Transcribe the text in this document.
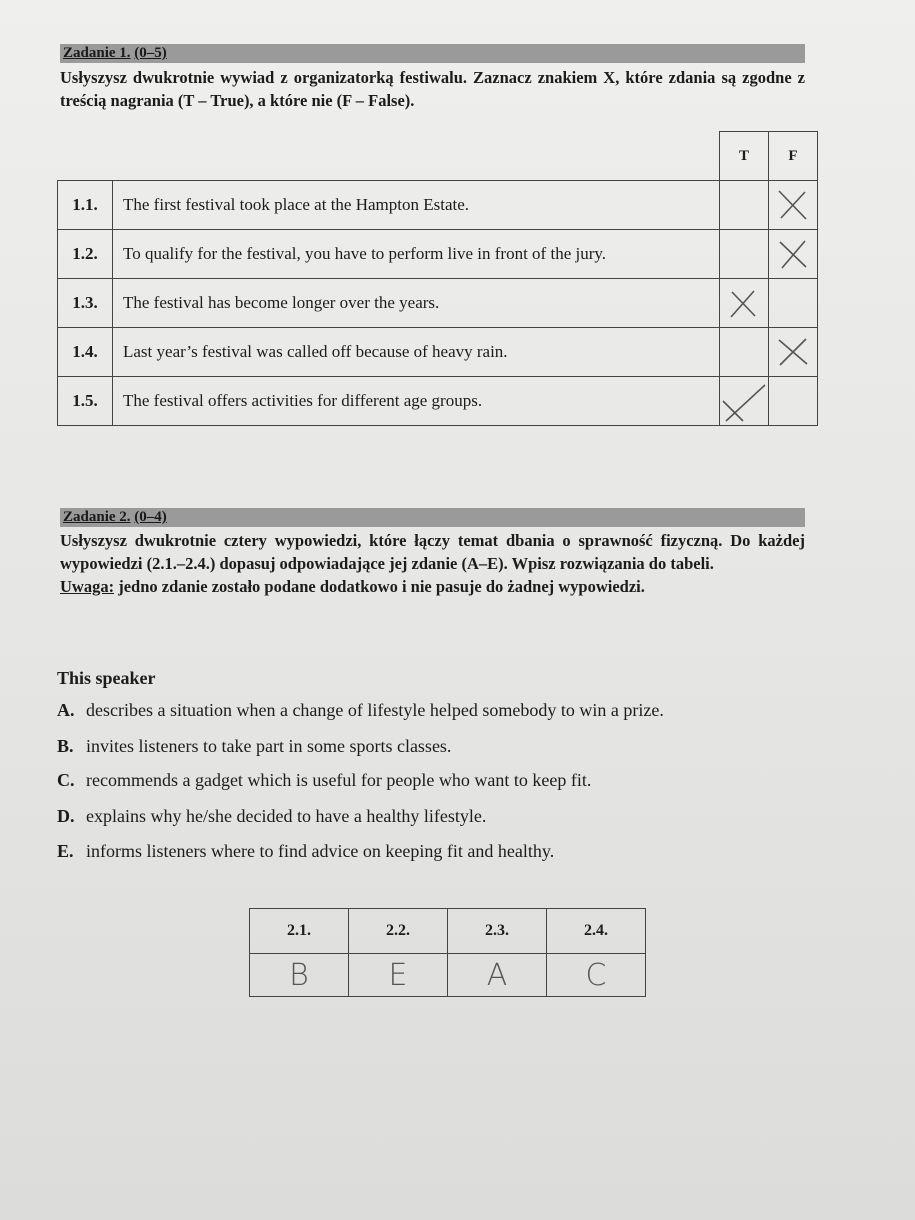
Zadanie 1. (0–5)

Usłyszysz dwukrotnie wywiad z organizatorką festiwalu. Zaznacz znakiem X, które zdania są zgodne z treścią nagrania (T – True), a które nie (F – False).

		T	F
1.1.	The first festival took place at the Hampton Estate.		

1.2.	To qualify for the festival, you have to perform live in front of the jury.		

1.3.	The festival has become longer over the years.	

1.4.	Last year’s festival was called off because of heavy rain.		

1.5.	The festival offers activities for different age groups.	

Zadanie 2. (0–4)

Usłyszysz dwukrotnie cztery wypowiedzi, które łączy temat dbania o sprawność fizyczną. Do każdej wypowiedzi (2.1.–2.4.) dopasuj odpowiadające jej zdanie (A–E). Wpisz rozwiązania do tabeli.
Uwaga: jedno zdanie zostało podane dodatkowo i nie pasuje do żadnej wypowiedzi.

This speaker
A. describes a situation when a change of lifestyle helped somebody to win a prize.
B. invites listeners to take part in some sports classes.
C. recommends a gadget which is useful for people who want to keep fit.
D. explains why he/she decided to have a healthy lifestyle.
E. informs listeners where to find advice on keeping fit and healthy.
2.1.	2.2.	2.3.	2.4.
B	E	A	C
